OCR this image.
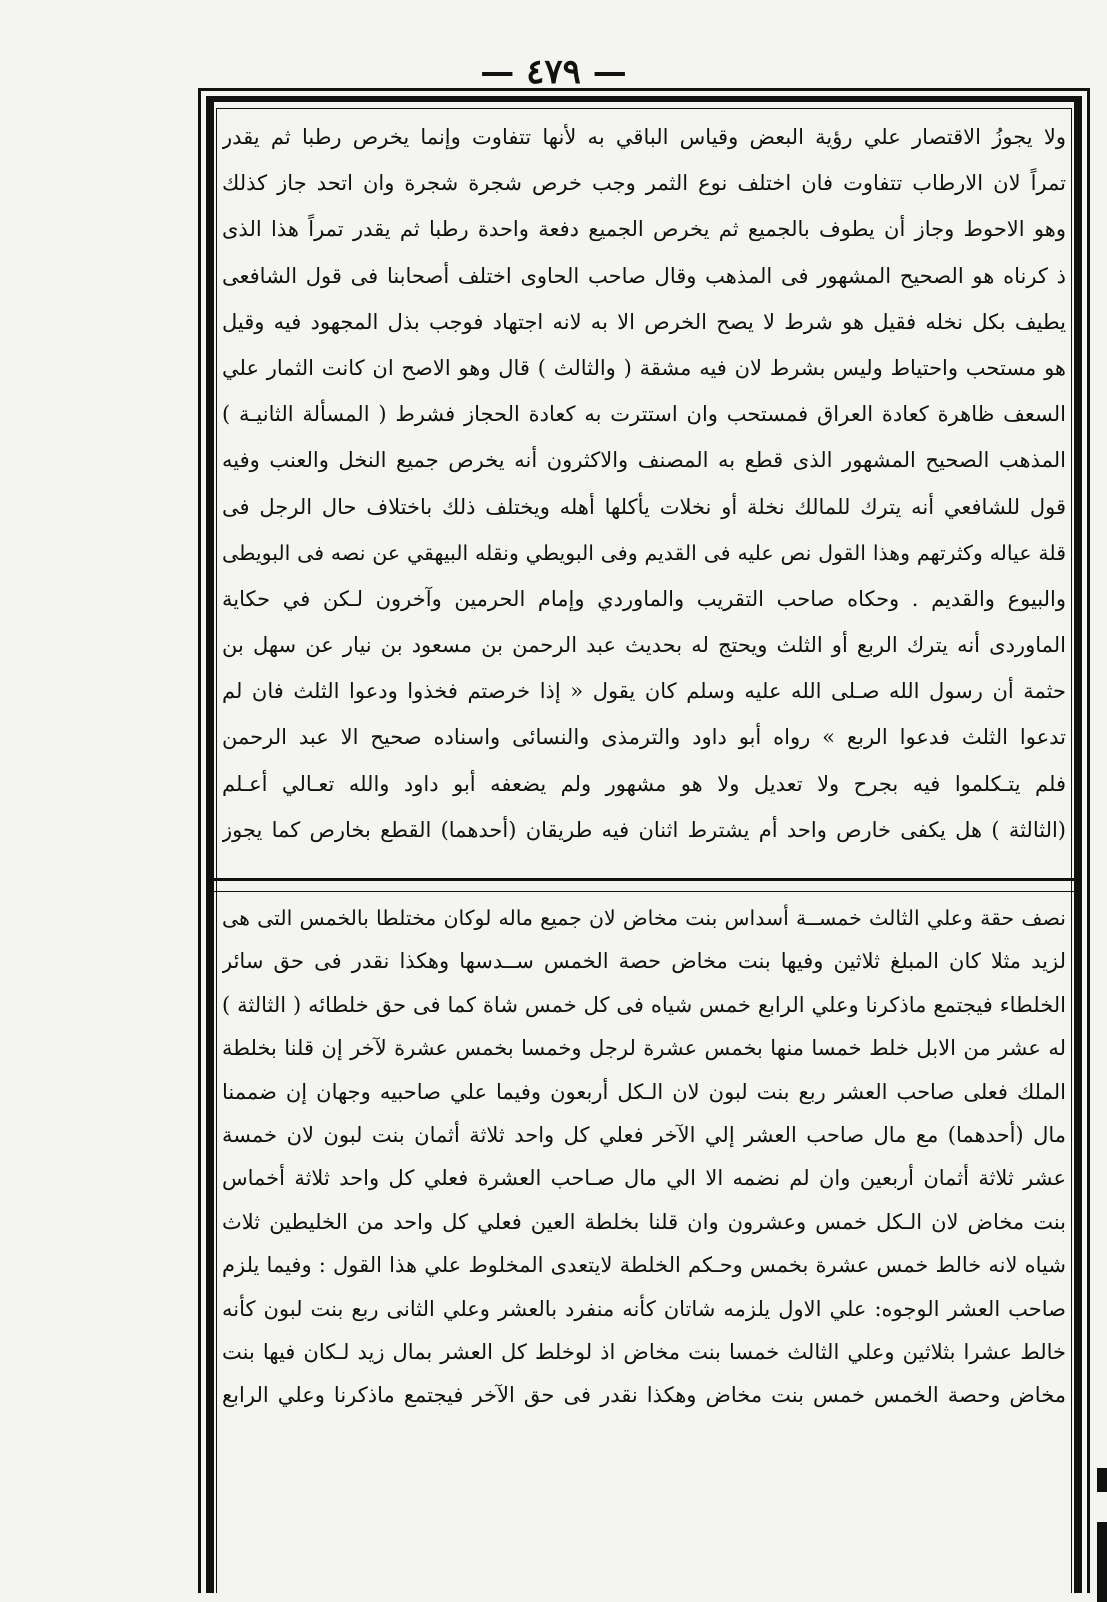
— ٤٧٩ —
ولا يجوزُ الاقتصار علي رؤية البعض وقياس الباقي به لأنها تتفاوت وإنما يخرص رطبا ثم يقدر
تمراً لان الارطاب تتفاوت فان اختلف نوع الثمر وجب خرص شجرة شجرة وان اتحد جاز كذلك
وهو الاحوط وجاز أن يطوف بالجميع ثم يخرص الجميع دفعة واحدة رطبا ثم يقدر تمراً هذا الذى
ذ كرناه هو الصحيح المشهور فى المذهب وقال صاحب الحاوى اختلف أصحابنا فى قول الشافعى
يطيف بكل نخله فقيل هو شرط لا يصح الخرص الا به لانه اجتهاد فوجب بذل المجهود فيه وقيل
هو مستحب واحتياط وليس بشرط لان فيه مشقة ( والثالث ) قال وهو الاصح ان كانت الثمار علي
السعف ظاهرة كعادة العراق فمستحب وان استترت به كعادة الحجاز فشرط ( المسألة الثانيـة )
المذهب الصحيح المشهور الذى قطع به المصنف والاكثرون أنه يخرص جميع النخل والعنب وفيه
قول للشافعي أنه يترك للمالك نخلة أو نخلات يأكلها أهله ويختلف ذلك باختلاف حال الرجل فى
قلة عياله وكثرتهم وهذا القول نص عليه فى القديم وفى البويطي ونقله البيهقي عن نصه فى البويطى
والبيوع والقديم . وحكاه صاحب التقريب والماوردي وإمام الحرمين وآخرون لـكن في حكاية
الماوردى أنه يترك الربع أو الثلث ويحتج له بحديث عبد الرحمن بن مسعود بن نيار عن سهل بن
حثمة أن رسول الله صـلى الله عليه وسلم كان يقول « إذا خرصتم فخذوا ودعوا الثلث فان لم
تدعوا الثلث فدعوا الربع » رواه أبو داود والترمذى والنسائى واسناده صحيح الا عبد الرحمن
فلم يتـكلموا فيه بجرح ولا تعديل ولا هو مشهور ولم يضعفه أبو داود والله تعـالي أعـلم
(الثالثة ) هل يكفى خارص واحد أم يشترط اثنان فيه طريقان (أحدهما) القطع بخارص كما يجوز
نصف حقة وعلي الثالث خمســة أسداس بنت مخاض لان جميع ماله لوكان مختلطا بالخمس التى هى
لزيد مثلا كان المبلغ ثلاثين وفيها بنت مخاض حصة الخمس ســدسها وهكذا نقدر فى حق سائر
الخلطاء فيجتمع ماذكرنا وعلي الرابع خمس شياه فى كل خمس شاة كما فى حق خلطائه ( الثالثة )
له عشر من الابل خلط خمسا منها بخمس عشرة لرجل وخمسا بخمس عشرة لآخر إن قلنا بخلطة
الملك فعلى صاحب العشر ربع بنت لبون لان الـكل أربعون وفيما علي صاحبيه وجهان إن ضممنا
مال (أحدهما) مع مال صاحب العشر إلي الآخر فعلي كل واحد ثلاثة أثمان بنت لبون لان خمسة
عشر ثلاثة أثمان أربعين وان لم نضمه الا الي مال صـاحب العشرة فعلي كل واحد ثلاثة أخماس
بنت مخاض لان الـكل خمس وعشرون وان قلنا بخلطة العين فعلي كل واحد من الخليطين ثلاث
شياه لانه خالط خمس عشرة بخمس وحـكم الخلطة لايتعدى المخلوط علي هذا القول : وفيما يلزم
صاحب العشر الوجوه: علي الاول يلزمه شاتان كأنه منفرد بالعشر وعلي الثانى ربع بنت لبون كأنه
خالط عشرا بثلاثين وعلي الثالث خمسا بنت مخاض اذ لوخلط كل العشر بمال زيد لـكان فيها بنت
مخاض وحصة الخمس خمس بنت مخاض وهكذا نقدر فى حق الآخر فيجتمع ماذكرنا وعلي الرابع
